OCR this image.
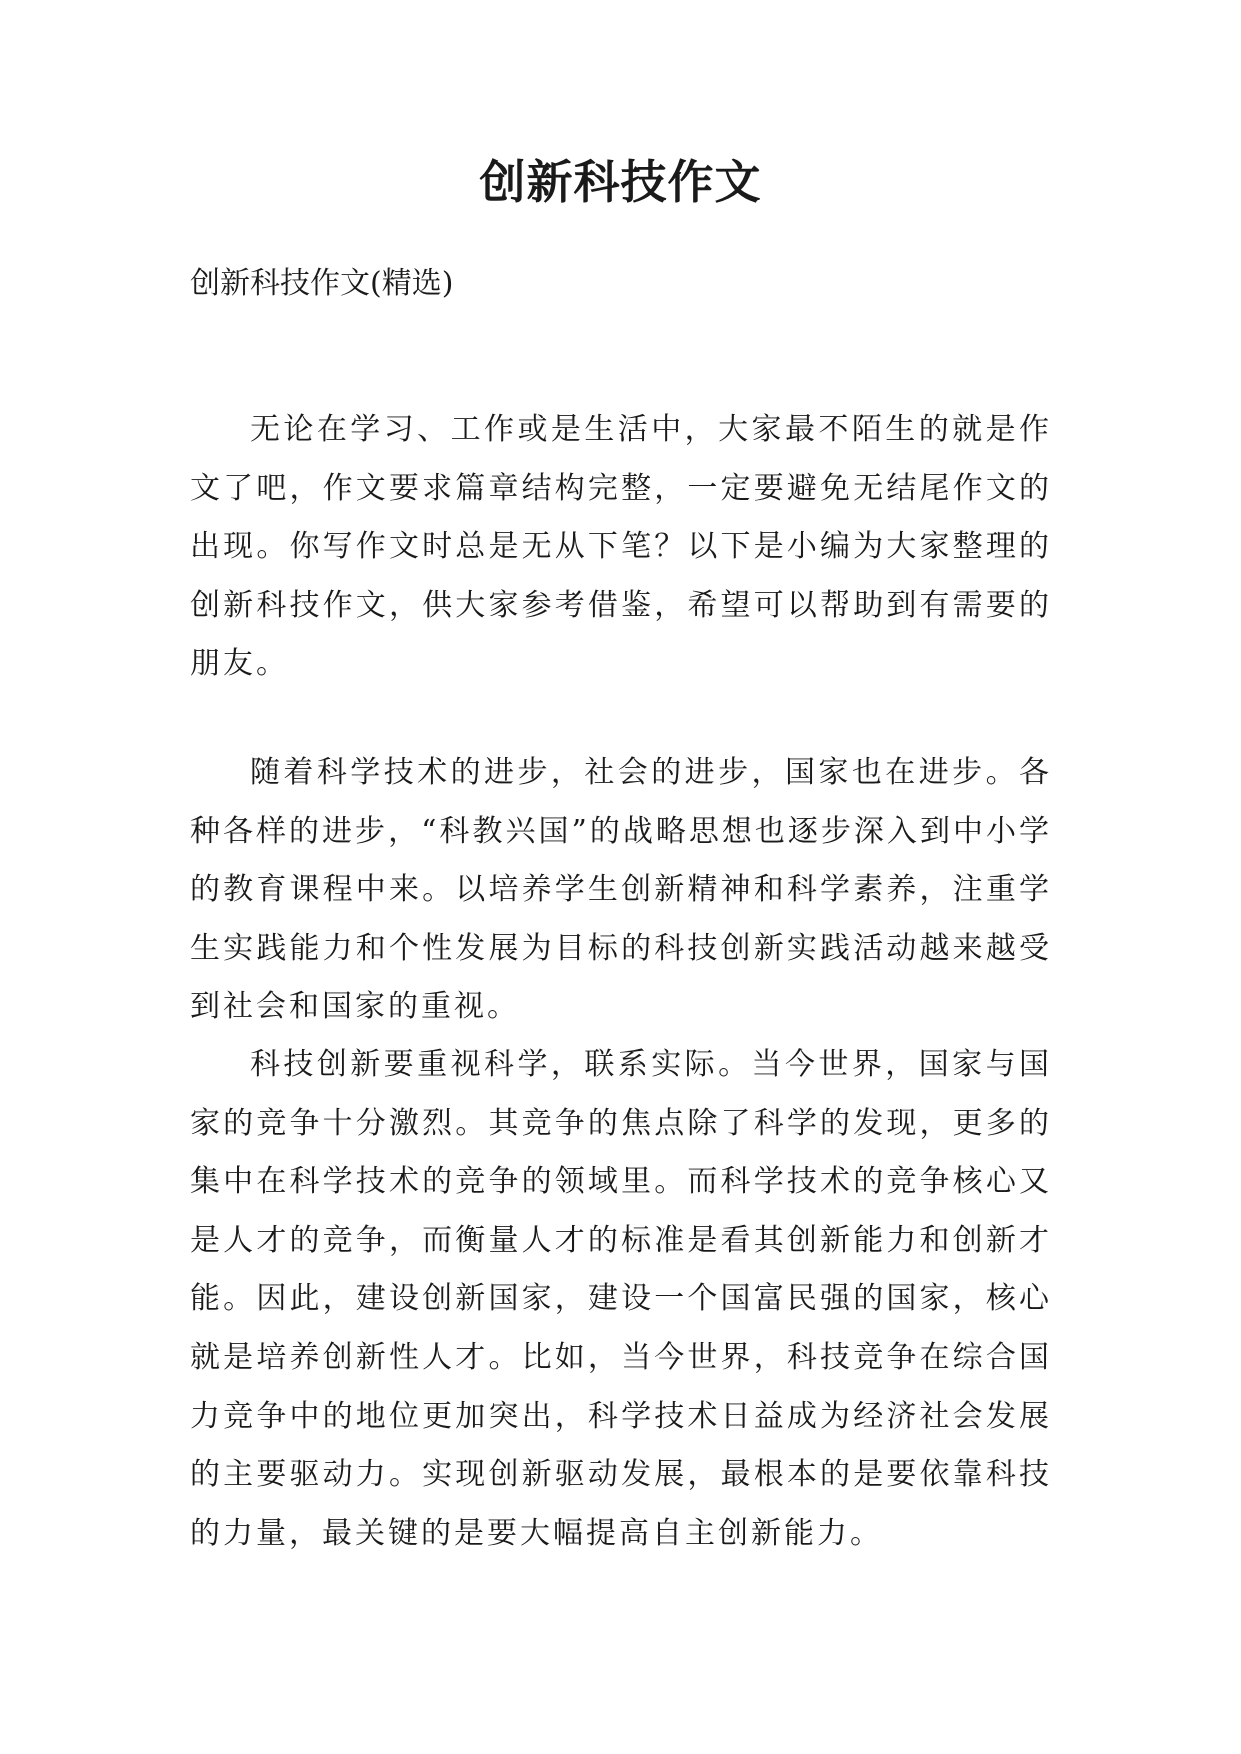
创新科技作文

创新科技作文(精选)

无论在学习、工作或是生活中，大家最不陌生的就是作文了吧，作文要求篇章结构完整，一定要避免无结尾作文的出现。你写作文时总是无从下笔？以下是小编为大家整理的创新科技作文，供大家参考借鉴，希望可以帮助到有需要的朋友。

随着科学技术的进步，社会的进步，国家也在进步。各种各样的进步，“科教兴国”的战略思想也逐步深入到中小学的教育课程中来。以培养学生创新精神和科学素养，注重学生实践能力和个性发展为目标的科技创新实践活动越来越受到社会和国家的重视。

科技创新要重视科学，联系实际。当今世界，国家与国家的竞争十分激烈。其竞争的焦点除了科学的发现，更多的集中在科学技术的竞争的领域里。而科学技术的竞争核心又是人才的竞争，而衡量人才的标准是看其创新能力和创新才能。因此，建设创新国家，建设一个国富民强的国家，核心就是培养创新性人才。比如，当今世界，科技竞争在综合国力竞争中的地位更加突出，科学技术日益成为经济社会发展的主要驱动力。实现创新驱动发展，最根本的是要依靠科技的力量，最关键的是要大幅提高自主创新能力。
